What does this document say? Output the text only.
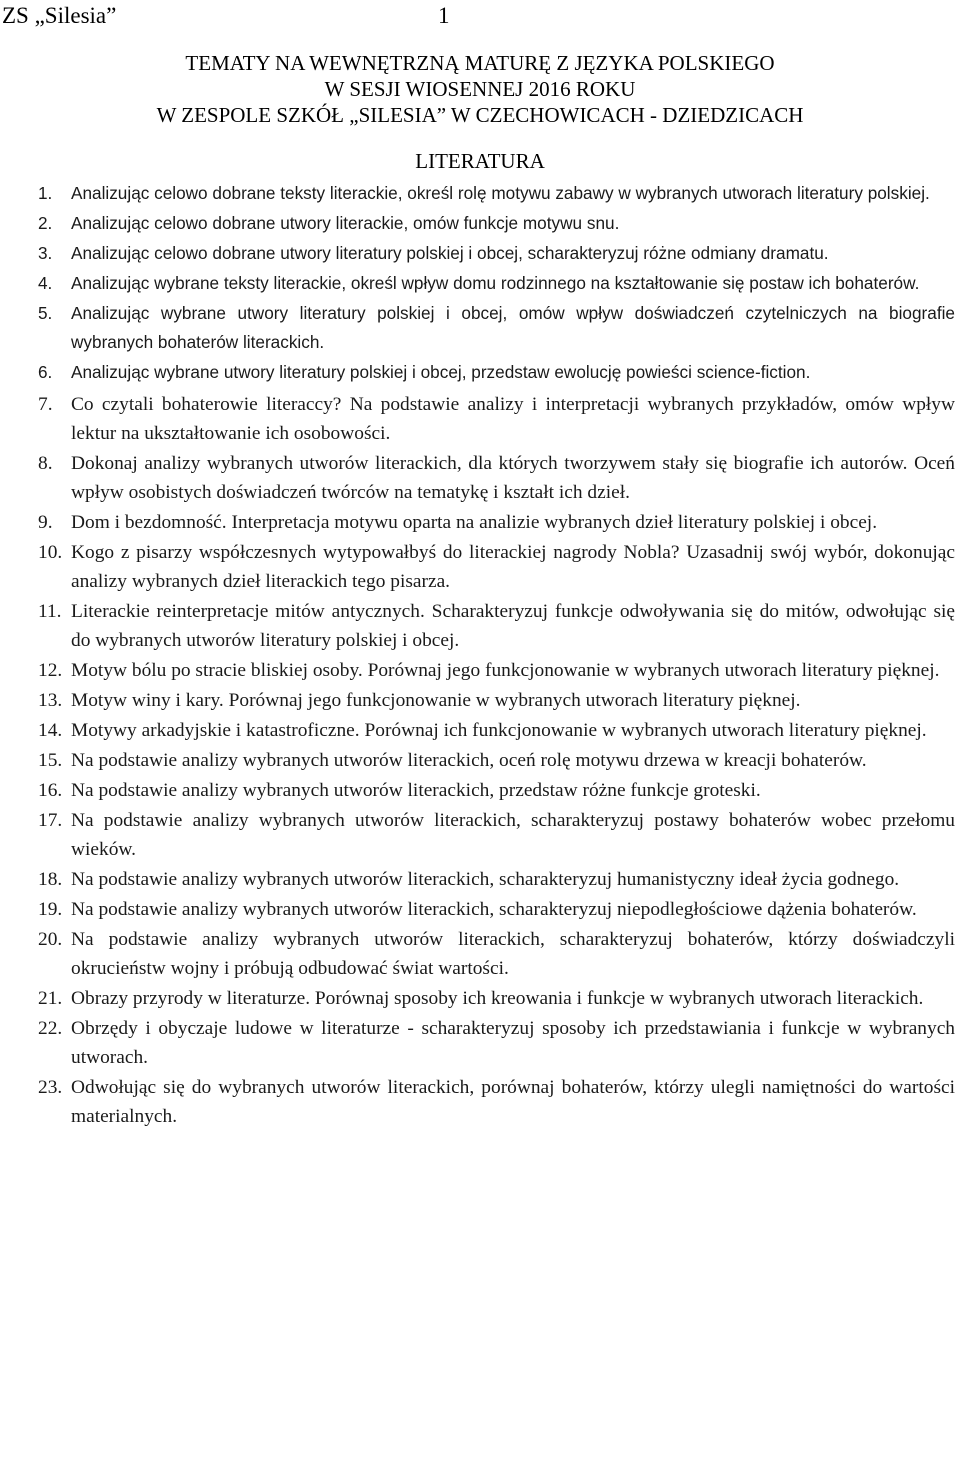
ZS „Silesia”	1
TEMATY NA WEWNĘTRZNĄ MATURĘ Z JĘZYKA POLSKIEGO
W SESJI WIOSENNEJ 2016 ROKU
W ZESPOLE SZKÓŁ „SILESIA” W CZECHOWICACH - DZIEDZICACH
LITERATURA
1. Analizując celowo dobrane teksty literackie, określ rolę motywu zabawy w wybranych utworach literatury polskiej.
2. Analizując celowo dobrane utwory literackie, omów funkcje motywu snu.
3. Analizując celowo dobrane utwory literatury polskiej i obcej, scharakteryzuj różne odmiany dramatu.
4. Analizując wybrane teksty literackie, określ wpływ domu rodzinnego na kształtowanie się postaw ich bohaterów.
5. Analizując wybrane utwory literatury polskiej i obcej, omów wpływ doświadczeń czytelniczych na biografie wybranych bohaterów literackich.
6. Analizując wybrane utwory literatury polskiej i obcej, przedstaw ewolucję powieści science-fiction.
7. Co czytali bohaterowie literaccy? Na podstawie analizy i interpretacji wybranych przykładów, omów wpływ lektur na ukształtowanie ich osobowości.
8. Dokonaj analizy wybranych utworów literackich, dla których tworzywem stały się biografie ich autorów. Oceń wpływ osobistych doświadczeń twórców na tematykę i kształt ich dzieł.
9. Dom i bezdomność. Interpretacja motywu oparta na analizie wybranych dzieł literatury polskiej i obcej.
10. Kogo z pisarzy współczesnych wytypowałbyś do literackiej nagrody Nobla? Uzasadnij swój wybór, dokonując analizy wybranych dzieł literackich tego pisarza.
11. Literackie reinterpretacje mitów antycznych. Scharakteryzuj funkcje odwoływania się do mitów, odwołując się do wybranych utworów literatury polskiej i obcej.
12. Motyw bólu po stracie bliskiej osoby. Porównaj jego funkcjonowanie w wybranych utworach literatury pięknej.
13. Motyw winy i kary. Porównaj jego funkcjonowanie w wybranych utworach literatury pięknej.
14. Motywy arkadyjskie i katastroficzne. Porównaj ich funkcjonowanie w wybranych utworach literatury pięknej.
15. Na podstawie analizy wybranych utworów literackich, oceń rolę motywu drzewa w kreacji bohaterów.
16. Na podstawie analizy wybranych utworów literackich, przedstaw różne funkcje groteski.
17. Na podstawie analizy wybranych utworów literackich, scharakteryzuj postawy bohaterów wobec przełomu wieków.
18. Na podstawie analizy wybranych utworów literackich, scharakteryzuj humanistyczny ideał życia godnego.
19. Na podstawie analizy wybranych utworów literackich, scharakteryzuj niepodległościowe dążenia bohaterów.
20. Na podstawie analizy wybranych utworów literackich, scharakteryzuj bohaterów, którzy doświadczyli okrucieństw wojny i próbują odbudować świat wartości.
21. Obrazy przyrody w literaturze. Porównaj sposoby ich kreowania i funkcje w wybranych utworach literackich.
22. Obrzędy i obyczaje ludowe w literaturze - scharakteryzuj sposoby ich przedstawiania i funkcje w wybranych utworach.
23. Odwołując się do wybranych utworów literackich, porównaj bohaterów, którzy ulegli namiętności do wartości materialnych.
